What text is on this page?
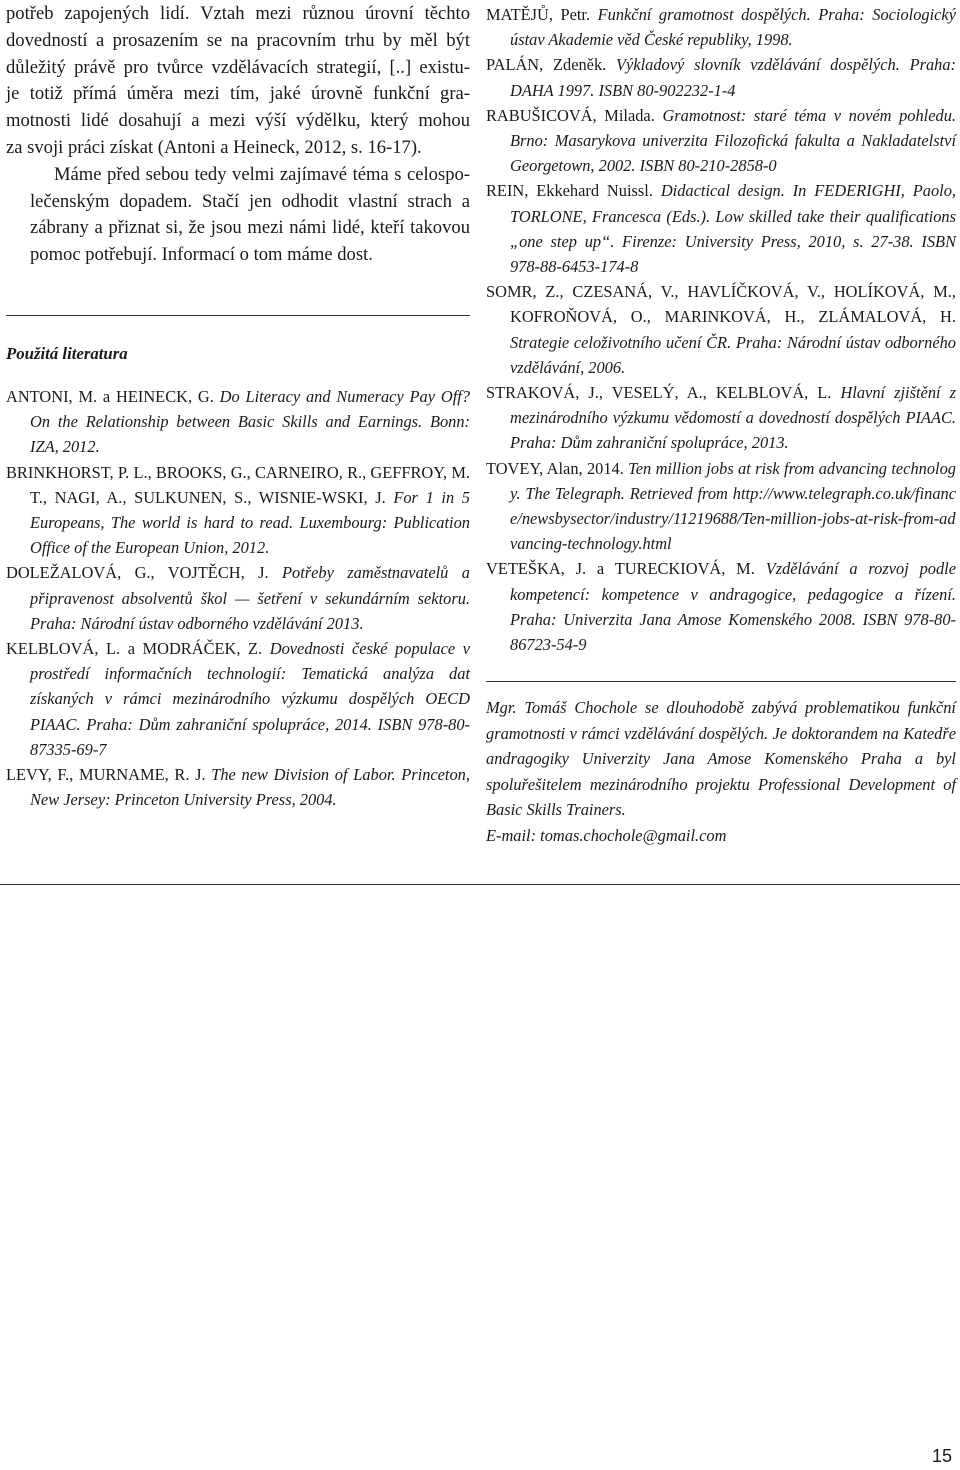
potřeb zapojených lidí. Vztah mezi různou úrovní těchto
dovedností a prosazením se na pracovním trhu by měl být
důležitý právě pro tvůrce vzdělávacích strategií, [..] existu-
je totiž přímá úměra mezi tím, jaké úrovně funkční gra-
motnosti lidé dosahují a mezi výší výdělku, který mohou
za svoji práci získat (Antoni a Heineck, 2012, s. 16-17).

Máme před sebou tedy velmi zajímavé téma s celospo-
lečenským dopadem. Stačí jen odhodit vlastní strach a
zábrany a přiznat si, že jsou mezi námi lidé, kteří takovou
pomoc potřebují. Informací o tom máme dost.

Použitá literatura

ANTONI, M. a HEINECK, G. Do Literacy and Numeracy Pay Off? On the Relationship between Basic Skills and Earnings. Bonn: IZA, 2012.

BRINKHORST, P. L., BROOKS, G., CARNEIRO, R., GEFFROY, M. T., NAGI, A., SULKUNEN, S., WISNIE-WSKI, J. For 1 in 5 Europeans, The world is hard to read. Luxembourg: Publication Office of the European Union, 2012.

DOLEŽALOVÁ, G., VOJTĚCH, J. Potřeby zaměstnavatelů a připravenost absolventů škol — šetření v sekundárním sektoru. Praha: Národní ústav odborného vzdělávání 2013.

KELBLOVÁ, L. a MODRÁČEK, Z. Dovednosti české populace v prostředí informačních technologií: Tematická analýza dat získaných v rámci mezinárodního výzkumu dospělých OECD PIAAC. Praha: Dům zahraniční spolupráce, 2014. ISBN 978-80-87335-69-7

LEVY, F., MURNAME, R. J. The new Division of Labor. Princeton, New Jersey: Princeton University Press, 2004.

MATĚJŮ, Petr. Funkční gramotnost dospělých. Praha: Sociologický ústav Akademie věd České republiky, 1998.

PALÁN, Zdeněk. Výkladový slovník vzdělávání dospělých. Praha: DAHA 1997. ISBN 80-902232-1-4

RABUŠICOVÁ, Milada. Gramotnost: staré téma v novém pohledu. Brno: Masarykova univerzita Filozofická fakulta a Nakladatelství Georgetown, 2002. ISBN 80-210-2858-0

REIN, Ekkehard Nuissl. Didactical design. In FEDERIGHI, Paolo, TORLONE, Francesca (Eds.). Low skilled take their qualifications „one step up“. Firenze: University Press, 2010, s. 27-38. ISBN 978-88-6453-174-8

SOMR, Z., CZESANÁ, V., HAVLÍČKOVÁ, V., HOLÍKOVÁ, M., KOFROŇOVÁ, O., MARINKOVÁ, H., ZLÁMALOVÁ, H. Strategie celoživotního učení ČR. Praha: Národní ústav odborného vzdělávání, 2006.

STRAKOVÁ, J., VESELÝ, A., KELBLOVÁ, L. Hlavní zjištění z mezinárodního výzkumu vědomostí a dovedností dospělých PIAAC. Praha: Dům zahraniční spolupráce, 2013.

TOVEY, Alan, 2014. Ten million jobs at risk from advancing technology. The Telegraph. Retrieved from http://www.telegraph.co.uk/finance/newsbysector/industry/11219688/Ten-million-jobs-at-risk-from-advancing-technology.html

VETEŠKA, J. a TURECKIOVÁ, M. Vzdělávání a rozvoj podle kompetencí: kompetence v andragogice, pedagogice a řízení. Praha: Univerzita Jana Amose Komenského 2008. ISBN 978-80-86723-54-9

Mgr. Tomáš Chochole se dlouhodobě zabývá problematikou funkční gramotnosti v rámci vzdělávání dospělých. Je doktorandem na Katedře andragogiky Univerzity Jana Amose Komenského Praha a byl spoluřešitelem mezinárodního projektu Professional Development of Basic Skills Trainers.

E-mail: tomas.chochole@gmail.com

15
